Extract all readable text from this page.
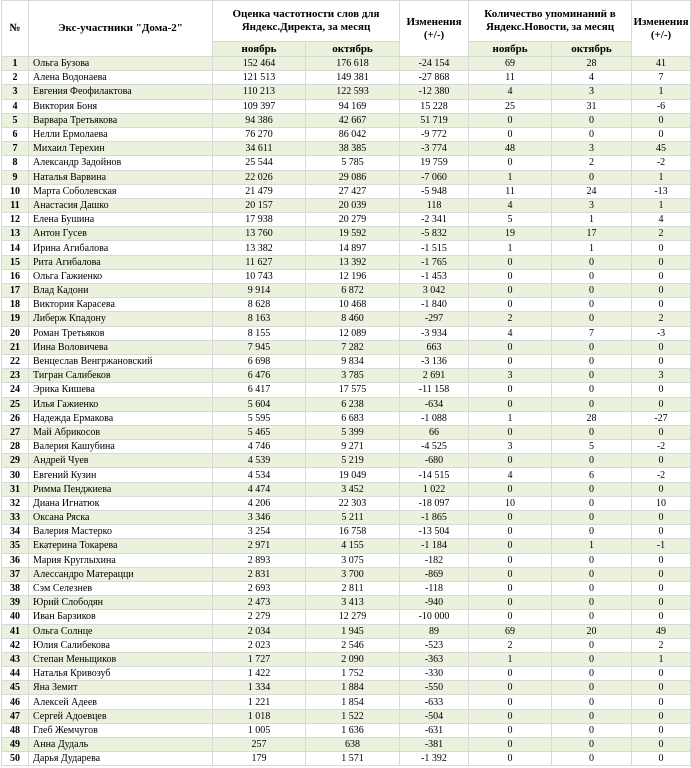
№	Экс-участники "Дома-2"	Оценка частотности слов для Яндекс.Директа, за месяц		Изменения (+/-)	Количество упоминаний в Яндекс.Новости, за месяц		Изменения (+/-)
		ноябрь	октябрь		ноябрь	октябрь	
1	Ольга Бузова	152 464	176 618	-24 154	69	28	41
2	Алена Водонаева	121 513	149 381	-27 868	11	4	7
3	Евгения Феофилактова	110 213	122 593	-12 380	4	3	1
4	Виктория Боня	109 397	94 169	15 228	25	31	-6
5	Варвара Третьякова	94 386	42 667	51 719	0	0	0
6	Нелли Ермолаева	76 270	86 042	-9 772	0	0	0
7	Михаил Терехин	34 611	38 385	-3 774	48	3	45
8	Александр Задойнов	25 544	5 785	19 759	0	2	-2
9	Наталья Варвина	22 026	29 086	-7 060	1	0	1
10	Марта Соболевская	21 479	27 427	-5 948	11	24	-13
11	Анастасия Дашко	20 157	20 039	118	4	3	1
12	Елена Бушина	17 938	20 279	-2 341	5	1	4
13	Антон Гусев	13 760	19 592	-5 832	19	17	2
14	Ирина Агибалова	13 382	14 897	-1 515	1	1	0
15	Рита Агибалова	11 627	13 392	-1 765	0	0	0
16	Ольга Гажиенко	10 743	12 196	-1 453	0	0	0
17	Влад Кадони	9 914	6 872	3 042	0	0	0
18	Виктория Карасева	8 628	10 468	-1 840	0	0	0
19	Либерж Кпадону	8 163	8 460	-297	2	0	2
20	Роман Третьяков	8 155	12 089	-3 934	4	7	-3
21	Инна Воловичева	7 945	7 282	663	0	0	0
22	Венцеслав Венгржановский	6 698	9 834	-3 136	0	0	0
23	Тигран Салибеков	6 476	3 785	2 691	3	0	3
24	Эрика Кишева	6 417	17 575	-11 158	0	0	0
25	Илья Гажиенко	5 604	6 238	-634	0	0	0
26	Надежда Ермакова	5 595	6 683	-1 088	1	28	-27
27	Май Абрикосов	5 465	5 399	66	0	0	0
28	Валерия Кашубина	4 746	9 271	-4 525	3	5	-2
29	Андрей Чуев	4 539	5 219	-680	0	0	0
30	Евгений Кузин	4 534	19 049	-14 515	4	6	-2
31	Римма Пенджиева	4 474	3 452	1 022	0	0	0
32	Диана Игнатюк	4 206	22 303	-18 097	10	0	10
33	Оксана Ряска	3 346	5 211	-1 865	0	0	0
34	Валерия Мастерко	3 254	16 758	-13 504	0	0	0
35	Екатерина Токарева	2 971	4 155	-1 184	0	1	-1
36	Мария Круглыхина	2 893	3 075	-182	0	0	0
37	Алессандро Матерацци	2 831	3 700	-869	0	0	0
38	Сэм Селезнев	2 693	2 811	-118	0	0	0
39	Юрий Слободян	2 473	3 413	-940	0	0	0
40	Иван Барзиков	2 279	12 279	-10 000	0	0	0
41	Ольга Солнце	2 034	1 945	89	69	20	49
42	Юлия Салибекова	2 023	2 546	-523	2	0	2
43	Степан Меньщиков	1 727	2 090	-363	1	0	1
44	Наталья Кривозуб	1 422	1 752	-330	0	0	0
45	Яна Земит	1 334	1 884	-550	0	0	0
46	Алексей Адеев	1 221	1 854	-633	0	0	0
47	Сергей Адоевцев	1 018	1 522	-504	0	0	0
48	Глеб Жемчугов	1 005	1 636	-631	0	0	0
49	Анна Дудаль	257	638	-381	0	0	0
50	Дарья Дударева	179	1 571	-1 392	0	0	0
